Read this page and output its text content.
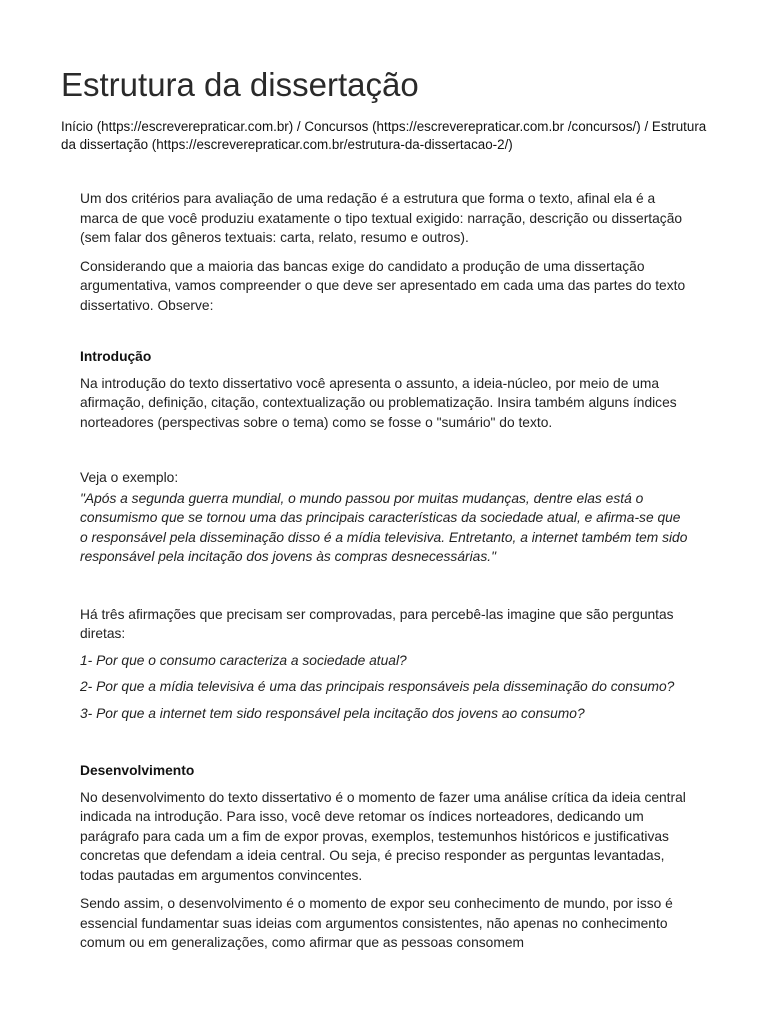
Estrutura da dissertação
Início (https://escreverepraticar.com.br) / Concursos (https://escreverepraticar.com.br /concursos/) / Estrutura da dissertação (https://escreverepraticar.com.br/estrutura-da-dissertacao-2/)

Um dos critérios para avaliação de uma redação é a estrutura que forma o texto, afinal ela é a marca de que você produziu exatamente o tipo textual exigido: narração, descrição ou dissertação (sem falar dos gêneros textuais: carta, relato, resumo e outros).

Considerando que a maioria das bancas exige do candidato a produção de uma dissertação argumentativa, vamos compreender o que deve ser apresentado em cada uma das partes do texto dissertativo. Observe:

Introdução

Na introdução do texto dissertativo você apresenta o assunto, a ideia-núcleo, por meio de uma afirmação, definição, citação, contextualização ou problematização. Insira também alguns índices norteadores (perspectivas sobre o tema) como se fosse o "sumário" do texto.

Veja o exemplo:

"Após a segunda guerra mundial, o mundo passou por muitas mudanças, dentre elas está o consumismo que se tornou uma das principais características da sociedade atual, e afirma-se que o responsável pela disseminação disso é a mídia televisiva. Entretanto, a internet também tem sido responsável pela incitação dos jovens às compras desnecessárias."

Há três afirmações que precisam ser comprovadas, para percebê-las imagine que são perguntas diretas:

1- Por que o consumo caracteriza a sociedade atual?

2- Por que a mídia televisiva é uma das principais responsáveis pela disseminação do consumo?

3- Por que a internet tem sido responsável pela incitação dos jovens ao consumo?

Desenvolvimento

No desenvolvimento do texto dissertativo é o momento de fazer uma análise crítica da ideia central indicada na introdução. Para isso, você deve retomar os índices norteadores, dedicando um parágrafo para cada um a fim de expor provas, exemplos, testemunhos históricos e justificativas concretas que defendam a ideia central. Ou seja, é preciso responder as perguntas levantadas, todas pautadas em argumentos convincentes.

Sendo assim, o desenvolvimento é o momento de expor seu conhecimento de mundo, por isso é essencial fundamentar suas ideias com argumentos consistentes, não apenas no conhecimento comum ou em generalizações, como afirmar que as pessoas consomem
